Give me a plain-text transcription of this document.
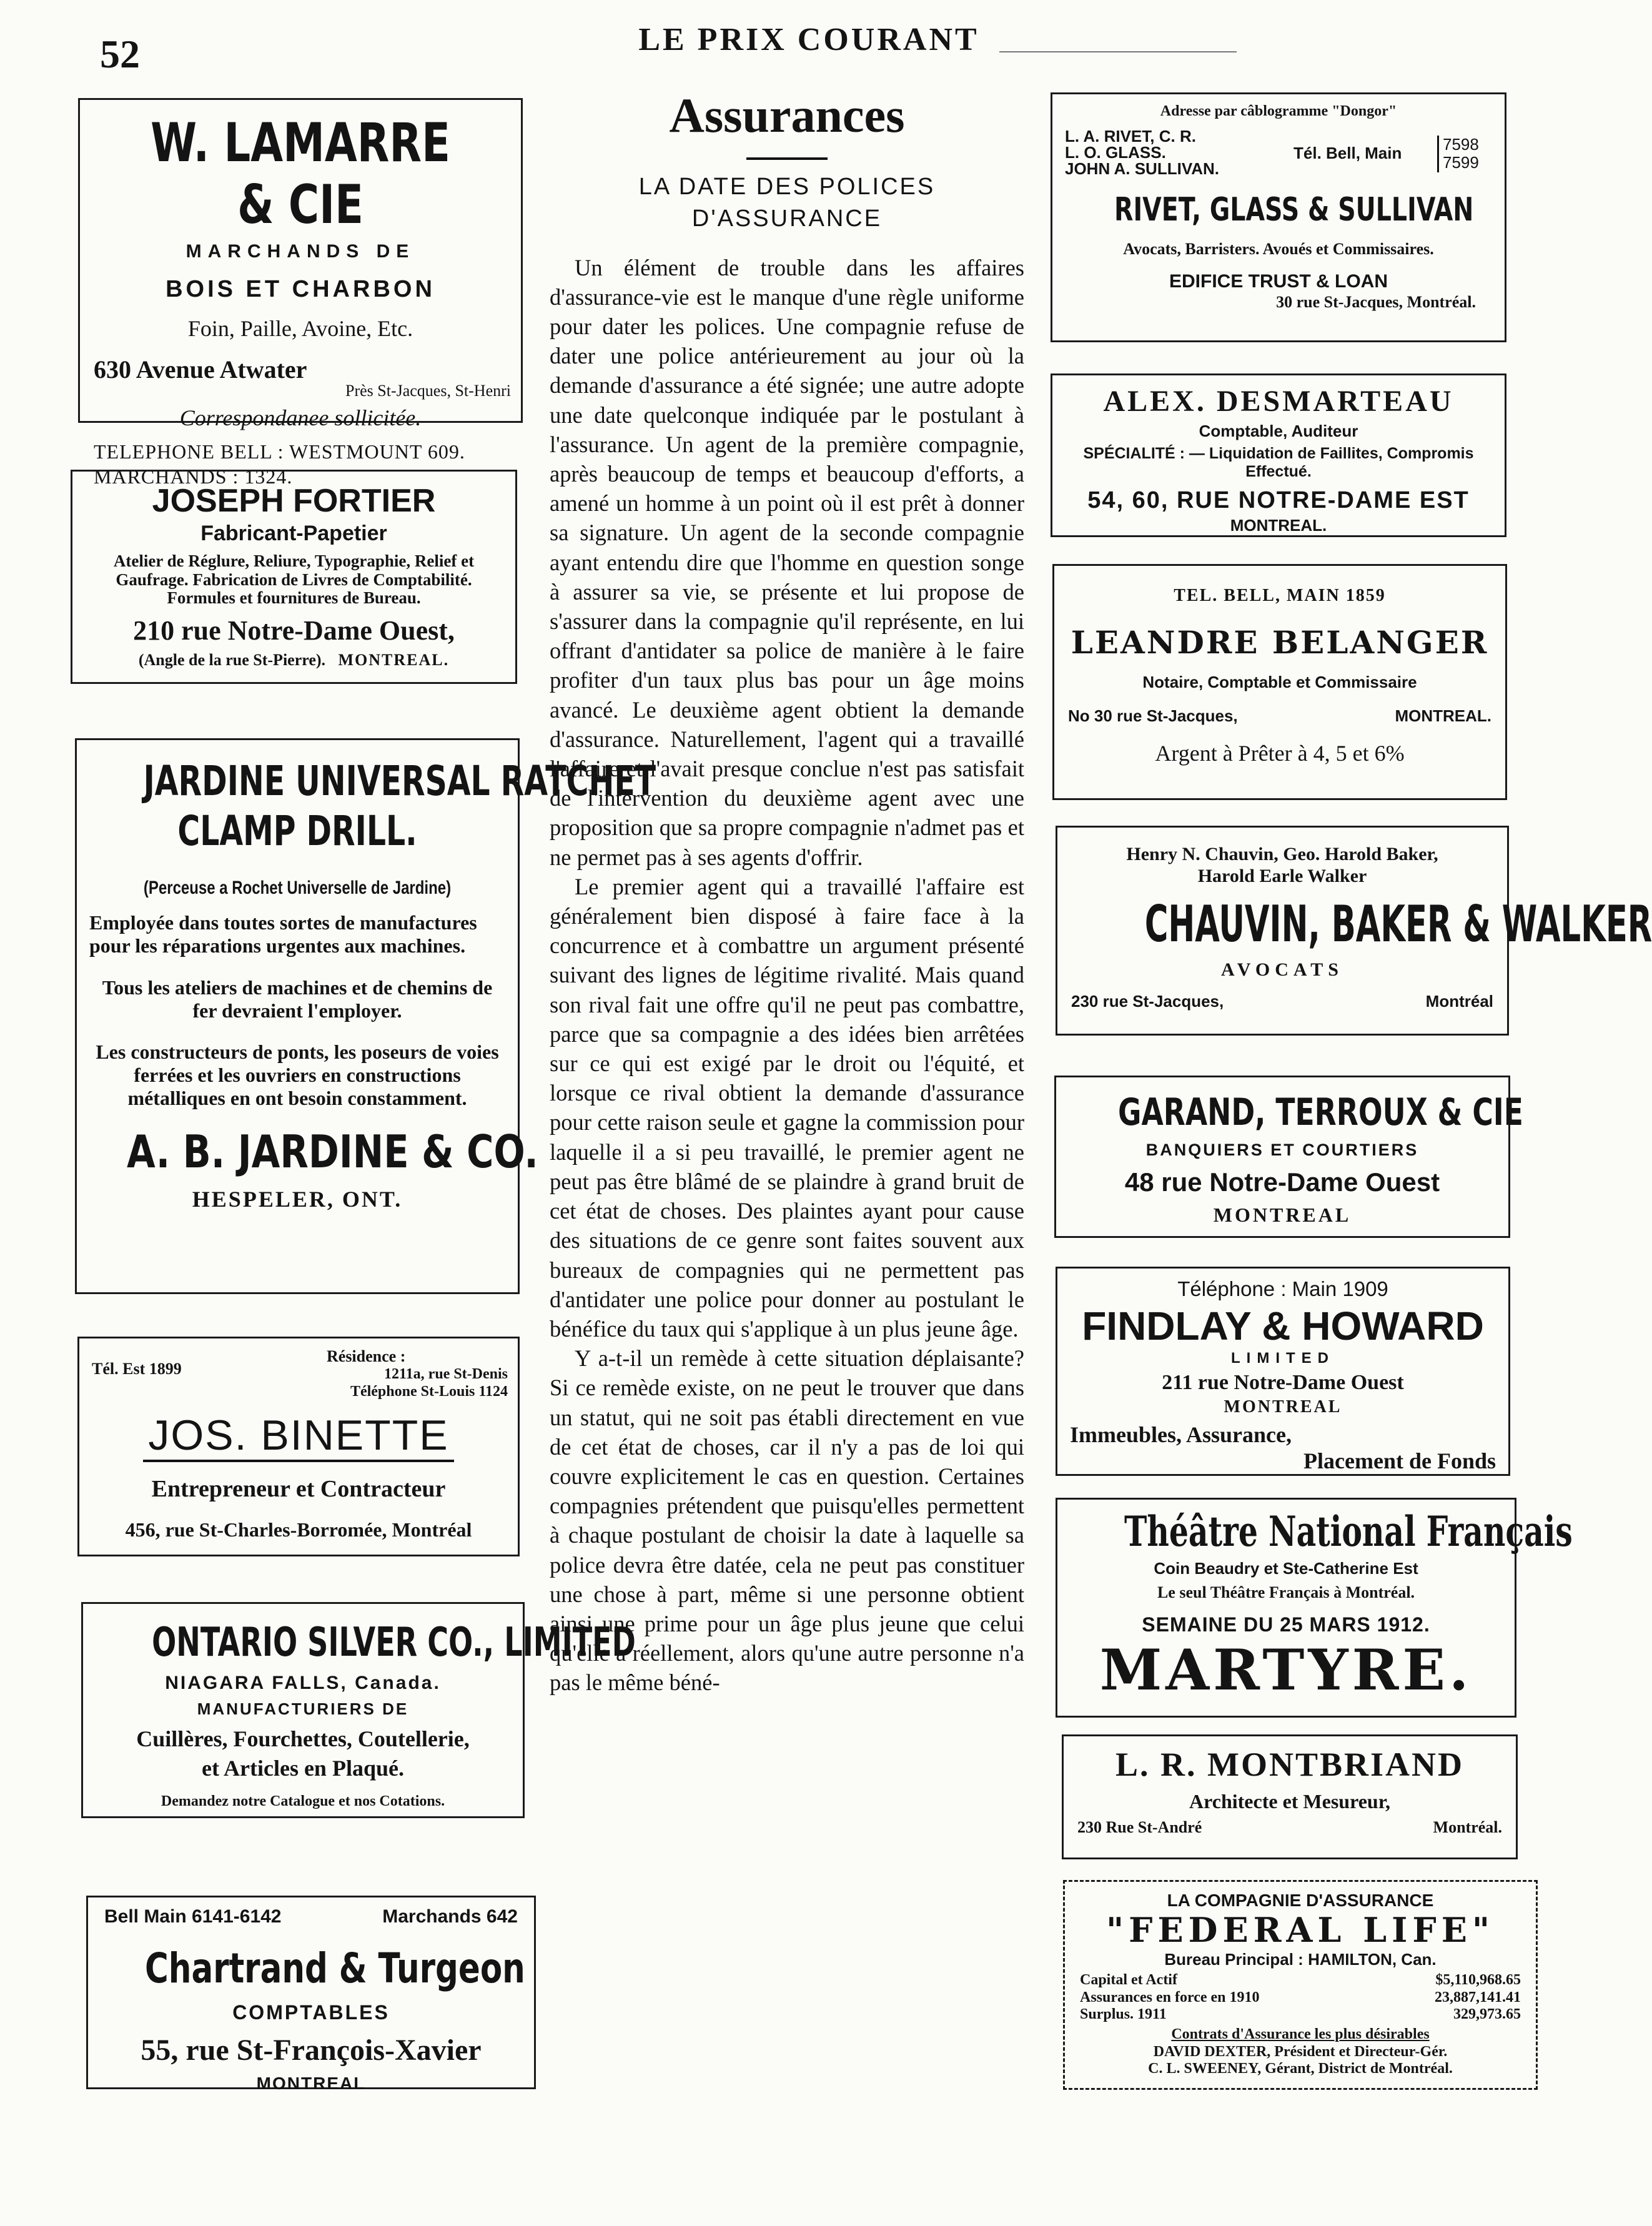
52	LE PRIX COURANT
W. LAMARRE & CIE
MARCHANDS DE
BOIS ET CHARBON
Foin, Paille, Avoine, Etc.
630 Avenue Atwater
Près St-Jacques, St-Henri
Correspondanee sollicitée.
TELEPHONE BELL : WESTMOUNT 609.
MARCHANDS : 1324.
JOSEPH FORTIER
Fabricant-Papetier
Atelier de Réglure, Reliure, Typographie, Relief et Gaufrage. Fabrication de Livres de Comptabilité. Formules et fournitures de Bureau.
210 rue Notre-Dame Ouest,
(Angle de la rue St-Pierre). MONTREAL.
JARDINE UNIVERSAL RATCHET
CLAMP DRILL.
(Perceuse a Rochet Universelle de Jardine)
Employée dans toutes sortes de manufactures pour les réparations urgentes aux machines.
Tous les ateliers de machines et de chemins de fer devraient l'employer.
Les constructeurs de ponts, les poseurs de voies ferrées et les ouvriers en constructions métalliques en ont besoin constamment.
A. B. JARDINE & CO.
HESPELER, ONT.
Tél. Est 1899
Résidence :
1211a, rue St-Denis
Téléphone St-Louis 1124
JOS. BINETTE
Entrepreneur et Contracteur
456, rue St-Charles-Borromée, Montréal
ONTARIO SILVER CO., LIMITED
NIAGARA FALLS, Canada.
MANUFACTURIERS DE
Cuillères, Fourchettes, Coutellerie,
et Articles en Plaqué.
Demandez notre Catalogue et nos Cotations.
Bell Main 6141-6142	Marchands 642
Chartrand & Turgeon
COMPTABLES
55, rue St-François-Xavier
MONTREAL
Assurances
LA DATE DES POLICES D'ASSURANCE

Un élément de trouble dans les affaires d'assurance-vie est le manque d'une règle uniforme pour dater les polices. Une compagnie refuse de dater une police antérieurement au jour où la demande d'assurance a été signée; une autre adopte une date quelconque indiquée par le postulant à l'assurance. Un agent de la première compagnie, après beaucoup de temps et beaucoup d'efforts, a amené un homme à un point où il est prêt à donner sa signature. Un agent de la seconde compagnie ayant entendu dire que l'homme en question songe à assurer sa vie, se présente et lui propose de s'assurer dans la compagnie qu'il représente, en lui offrant d'antidater sa police de manière à le faire profiter d'un taux plus bas pour un âge moins avancé. Le deuxième agent obtient la demande d'assurance. Naturellement, l'agent qui a travaillé l'affaire et l'avait presque conclue n'est pas satisfait de l'intervention du deuxième agent avec une proposition que sa propre compagnie n'admet pas et ne permet pas à ses agents d'offrir.

Le premier agent qui a travaillé l'affaire est généralement bien disposé à faire face à la concurrence et à combattre un argument présenté suivant des lignes de légitime rivalité. Mais quand son rival fait une offre qu'il ne peut pas combattre, parce que sa compagnie a des idées bien arrêtées sur ce qui est exigé par le droit ou l'équité, et lorsque ce rival obtient la demande d'assurance pour cette raison seule et gagne la commission pour laquelle il a si peu travaillé, le premier agent ne peut pas être blâmé de se plaindre à grand bruit de cet état de choses. Des plaintes ayant pour cause des situations de ce genre sont faites souvent aux bureaux de compagnies qui ne permettent pas d'antidater une police pour donner au postulant le bénéfice du taux qui s'applique à un plus jeune âge.

Y a-t-il un remède à cette situation déplaisante? Si ce remède existe, on ne peut le trouver que dans un statut, qui ne soit pas établi directement en vue de cet état de choses, car il n'y a pas de loi qui couvre explicitement le cas en question. Certaines compagnies prétendent que puisqu'elles permettent à chaque postulant de choisir la date à laquelle sa police devra être datée, cela ne peut pas constituer une chose à part, même si une personne obtient ainsi une prime pour un âge plus jeune que celui qu'elle a réellement, alors qu'une autre personne n'a pas le même béné-

Adresse par câblogramme "Dongor"
L. A. RIVET, C. R.
L. O. GLASS.
JOHN A. SULLIVAN.
Tél. Bell, Main	7598
7599
RIVET, GLASS & SULLIVAN
Avocats, Barristers. Avoués et Commissaires.
EDIFICE TRUST & LOAN
30 rue St-Jacques, Montréal.
ALEX. DESMARTEAU
Comptable, Auditeur
SPÉCIALITÉ : — Liquidation de Faillites, Compromis Effectué.
54, 60, RUE NOTRE-DAME EST
MONTREAL.
TEL. BELL, MAIN 1859
LEANDRE BELANGER
Notaire, Comptable et Commissaire
No 30 rue St-Jacques,	MONTREAL.
Argent à Prêter à 4, 5 et 6%
Henry N. Chauvin, Geo. Harold Baker,
Harold Earle Walker
CHAUVIN, BAKER & WALKER
AVOCATS
230 rue St-Jacques,	Montréal
GARAND, TERROUX & CIE
BANQUIERS ET COURTIERS
48 rue Notre-Dame Ouest
MONTREAL
Téléphone : Main 1909
FINDLAY & HOWARD
LIMITED
211 rue Notre-Dame Ouest
MONTREAL
Immeubles, Assurance,
Placement de Fonds
Théâtre National Français
Coin Beaudry et Ste-Catherine Est
Le seul Théâtre Français à Montréal.
SEMAINE DU 25 MARS 1912.
MARTYRE.
L. R. MONTBRIAND
Architecte et Mesureur,
230 Rue St-André	Montréal.
LA COMPAGNIE D'ASSURANCE
"FEDERAL LIFE"
Bureau Principal : HAMILTON, Can.
Capital et Actif	$5,110,968.65
Assurances en force en 1910	23,887,141.41
Surplus. 1911	329,973.65
Contrats d'Assurance les plus désirables
DAVID DEXTER, Président et Directeur-Gér.
C. L. SWEENEY, Gérant, District de Montréal.
